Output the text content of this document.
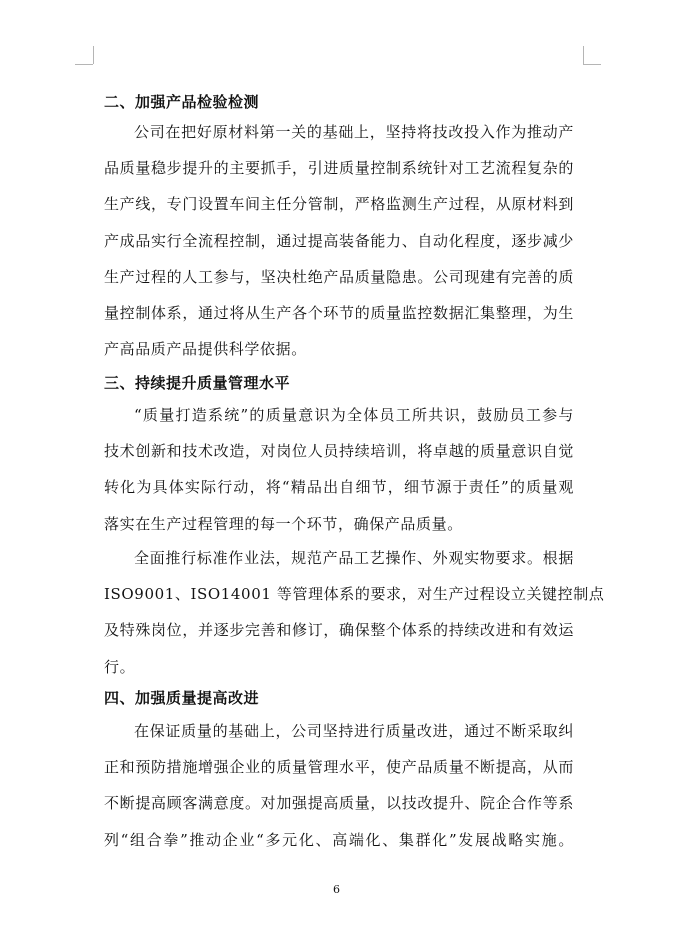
二、加强产品检验检测
公司在把好原材料第一关的基础上，坚持将技改投入作为推动产
品质量稳步提升的主要抓手，引进质量控制系统针对工艺流程复杂的
生产线，专门设置车间主任分管制，严格监测生产过程，从原材料到
产成品实行全流程控制，通过提高装备能力、自动化程度，逐步减少
生产过程的人工参与，坚决杜绝产品质量隐患。公司现建有完善的质
量控制体系，通过将从生产各个环节的质量监控数据汇集整理，为生
产高品质产品提供科学依据。
三、持续提升质量管理水平
“质量打造系统”的质量意识为全体员工所共识，鼓励员工参与
技术创新和技术改造，对岗位人员持续培训，将卓越的质量意识自觉
转化为具体实际行动，将“精品出自细节，细节源于责任”的质量观
落实在生产过程管理的每一个环节，确保产品质量。
全面推行标准作业法，规范产品工艺操作、外观实物要求。根据
ISO9001、ISO14001 等管理体系的要求，对生产过程设立关键控制点
及特殊岗位，并逐步完善和修订，确保整个体系的持续改进和有效运
行。
四、加强质量提高改进
在保证质量的基础上，公司坚持进行质量改进，通过不断采取纠
正和预防措施增强企业的质量管理水平，使产品质量不断提高，从而
不断提高顾客满意度。对加强提高质量，以技改提升、院企合作等系
列“组合拳”推动企业“多元化、高端化、集群化”发展战略实施。
6
